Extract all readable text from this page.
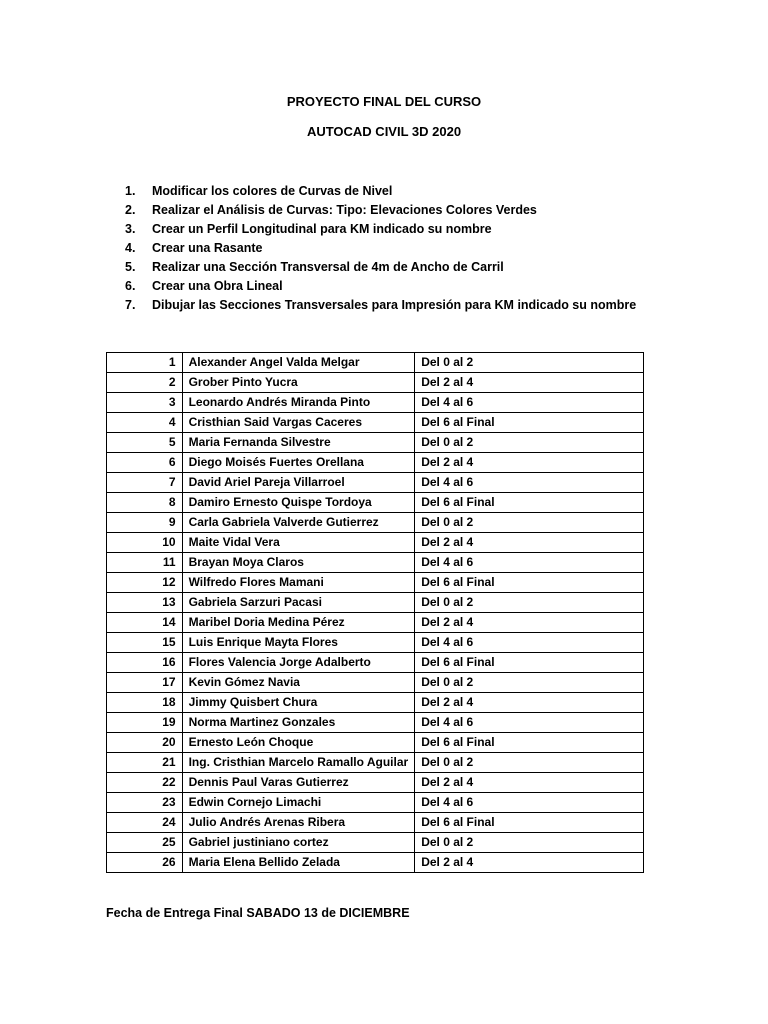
PROYECTO FINAL DEL CURSO
AUTOCAD CIVIL 3D 2020
1. Modificar los colores de Curvas de Nivel
2. Realizar el Análisis de Curvas: Tipo: Elevaciones Colores Verdes
3. Crear un Perfil Longitudinal para KM indicado su nombre
4. Crear una Rasante
5. Realizar una Sección Transversal de 4m de Ancho de Carril
6. Crear una Obra Lineal
7. Dibujar las Secciones Transversales para Impresión para KM indicado su nombre
1	Alexander Angel Valda Melgar	Del 0 al 2
2	Grober Pinto Yucra	Del 2 al 4
3	Leonardo Andrés Miranda Pinto	Del 4 al 6
4	Cristhian Said Vargas Caceres	Del 6 al Final
5	Maria Fernanda Silvestre	Del 0 al 2
6	Diego Moisés Fuertes Orellana	Del 2 al 4
7	David Ariel Pareja Villarroel	Del 4 al 6
8	Damiro Ernesto Quispe Tordoya	Del 6 al Final
9	Carla Gabriela Valverde Gutierrez	Del 0 al 2
10	Maite Vidal Vera	Del 2 al 4
11	Brayan Moya Claros	Del 4 al 6
12	Wilfredo Flores Mamani	Del 6 al Final
13	Gabriela Sarzuri Pacasi	Del 0 al 2
14	Maribel Doria Medina Pérez	Del 2 al 4
15	Luis Enrique Mayta Flores	Del 4 al 6
16	Flores Valencia Jorge Adalberto	Del 6 al Final
17	Kevin Gómez Navia	Del 0 al 2
18	Jimmy Quisbert Chura	Del 2 al 4
19	Norma Martinez Gonzales	Del 4 al 6
20	Ernesto León Choque	Del 6 al Final
21	Ing. Cristhian Marcelo Ramallo Aguilar	Del 0 al 2
22	Dennis Paul Varas Gutierrez	Del 2 al 4
23	Edwin Cornejo Limachi	Del 4 al 6
24	Julio Andrés Arenas Ribera	Del 6 al Final
25	Gabriel justiniano cortez	Del 0 al 2
26	Maria Elena Bellido Zelada	Del 2 al 4
Fecha de Entrega Final SABADO 13 de DICIEMBRE
